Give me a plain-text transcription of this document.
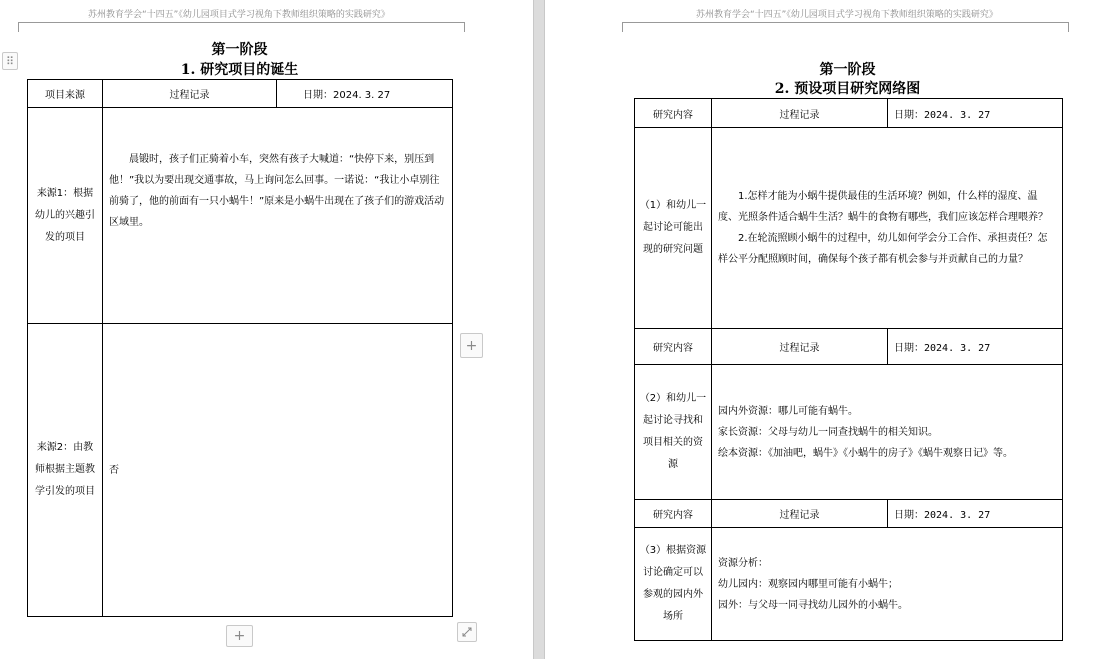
苏州教育学会“十四五”《幼儿园项目式学习视角下教师组织策略的实践研究》
第一阶段
1. 研究项目的诞生
项目来源	过程记录	日期：2024. 3. 27
来源1：根据幼儿的兴趣引发的项目	晨锻时，孩子们正骑着小车，突然有孩子大喊道：“快停下来，别压到他！”我以为要出现交通事故，马上询问怎么回事。一诺说：“我让小卓别往前骑了，他的前面有一只小蜗牛！”原来是小蜗牛出现在了孩子们的游戏活动区域里。	
来源2：由教师根据主题教学引发的项目	否	
⠿
+
+
苏州教育学会“十四五”《幼儿园项目式学习视角下教师组织策略的实践研究》
第一阶段
2. 预设项目研究网络图
研究内容	过程记录	日期：2024. 3. 27
（1）和幼儿一起讨论可能出现的研究问题	1.怎样才能为小蜗牛提供最佳的生活环境？例如，什么样的湿度、温度、光照条件适合蜗牛生活？蜗牛的食物有哪些，我们应该怎样合理喂养？

2.在轮流照顾小蜗牛的过程中，幼儿如何学会分工合作、承担责任？怎样公平分配照顾时间，确保每个孩子都有机会参与并贡献自己的力量？	

研究内容	过程记录	日期：2024. 3. 27
（2）和幼儿一起讨论寻找和项目相关的资源	园内外资源：哪儿可能有蜗牛。

家长资源：父母与幼儿一同查找蜗牛的相关知识。

绘本资源：《加油吧，蜗牛》《小蜗牛的房子》《蜗牛观察日记》等。	

研究内容	过程记录	日期：2024. 3. 27
（3）根据资源讨论确定可以参观的园内外场所	资源分析：

幼儿园内：观察园内哪里可能有小蜗牛；

园外：与父母一同寻找幼儿园外的小蜗牛。	
